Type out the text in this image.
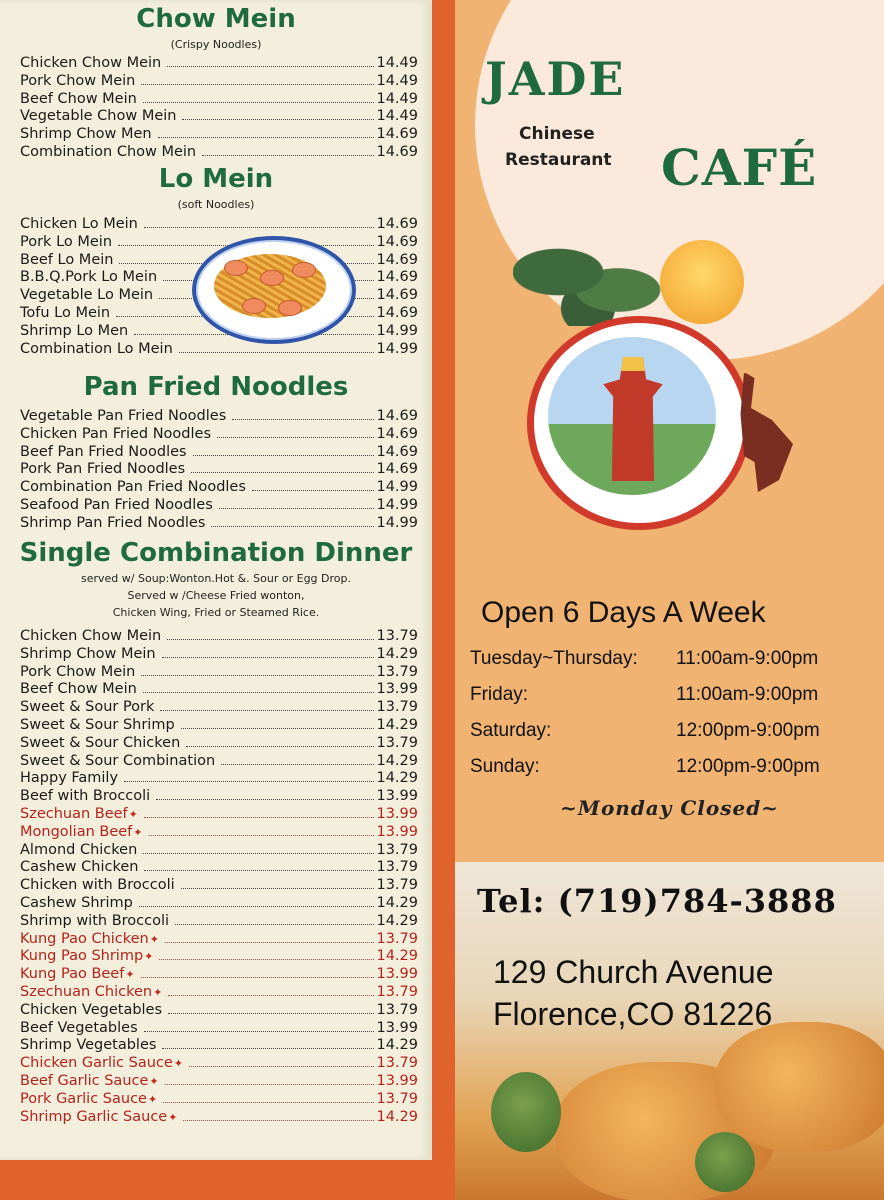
Chow Mein
(Crispy Noodles)
Chicken Chow Mein	14.49
Pork Chow Mein	14.49
Beef Chow Mein	14.49
Vegetable Chow Mein	14.49
Shrimp Chow Men	14.69
Combination Chow Mein	14.69
Lo Mein
(soft Noodles)
Chicken Lo Mein	14.69
Pork Lo Mein	14.69
Beef Lo Mein	14.69
B.B.Q.Pork Lo Mein	14.69
Vegetable Lo Mein	14.69
Tofu Lo Mein	14.69
Shrimp Lo Men	14.99
Combination Lo Mein	14.99
Pan Fried Noodles
Vegetable Pan Fried Noodles	14.69
Chicken Pan Fried Noodles	14.69
Beef Pan Fried Noodles	14.69
Pork Pan Fried Noodles	14.69
Combination Pan Fried Noodles	14.99
Seafood Pan Fried Noodles	14.99
Shrimp Pan Fried Noodles	14.99
Single Combination Dinner
served w/ Soup:Wonton.Hot &. Sour or Egg Drop.
Served w /Cheese Fried wonton,
Chicken Wing, Fried or Steamed Rice.
Chicken Chow Mein	13.79
Shrimp Chow Mein	14.29
Pork Chow Mein	13.79
Beef Chow Mein	13.99
Sweet & Sour Pork	13.79
Sweet & Sour Shrimp	14.29
Sweet & Sour Chicken	13.79
Sweet & Sour Combination	14.29
Happy Family	14.29
Beef with Broccoli	13.99
Szechuan Beef ✦	13.99
Mongolian Beef ✦	13.99
Almond Chicken	13.79
Cashew Chicken	13.79
Chicken with Broccoli	13.79
Cashew Shrimp	14.29
Shrimp with Broccoli	14.29
Kung Pao Chicken ✦	13.79
Kung Pao Shrimp ✦	14.29
Kung Pao Beef ✦	13.99
Szechuan Chicken ✦	13.79
Chicken Vegetables	13.79
Beef Vegetables	13.99
Shrimp Vegetables	14.29
Chicken Garlic Sauce ✦	13.79
Beef Garlic Sauce ✦	13.99
Pork Garlic Sauce ✦	13.79
Shrimp Garlic Sauce ✦	14.29
JADE
Chinese
Restaurant CAFÉ
Open 6 Days A Week
Tuesday~Thursday: 11:00am-9:00pm
Friday:	11:00am-9:00pm
Saturday:	12:00pm-9:00pm
Sunday:	12:00pm-9:00pm
~Monday Closed~
Tel: (719)784-3888
129 Church Avenue
Florence,CO 81226
